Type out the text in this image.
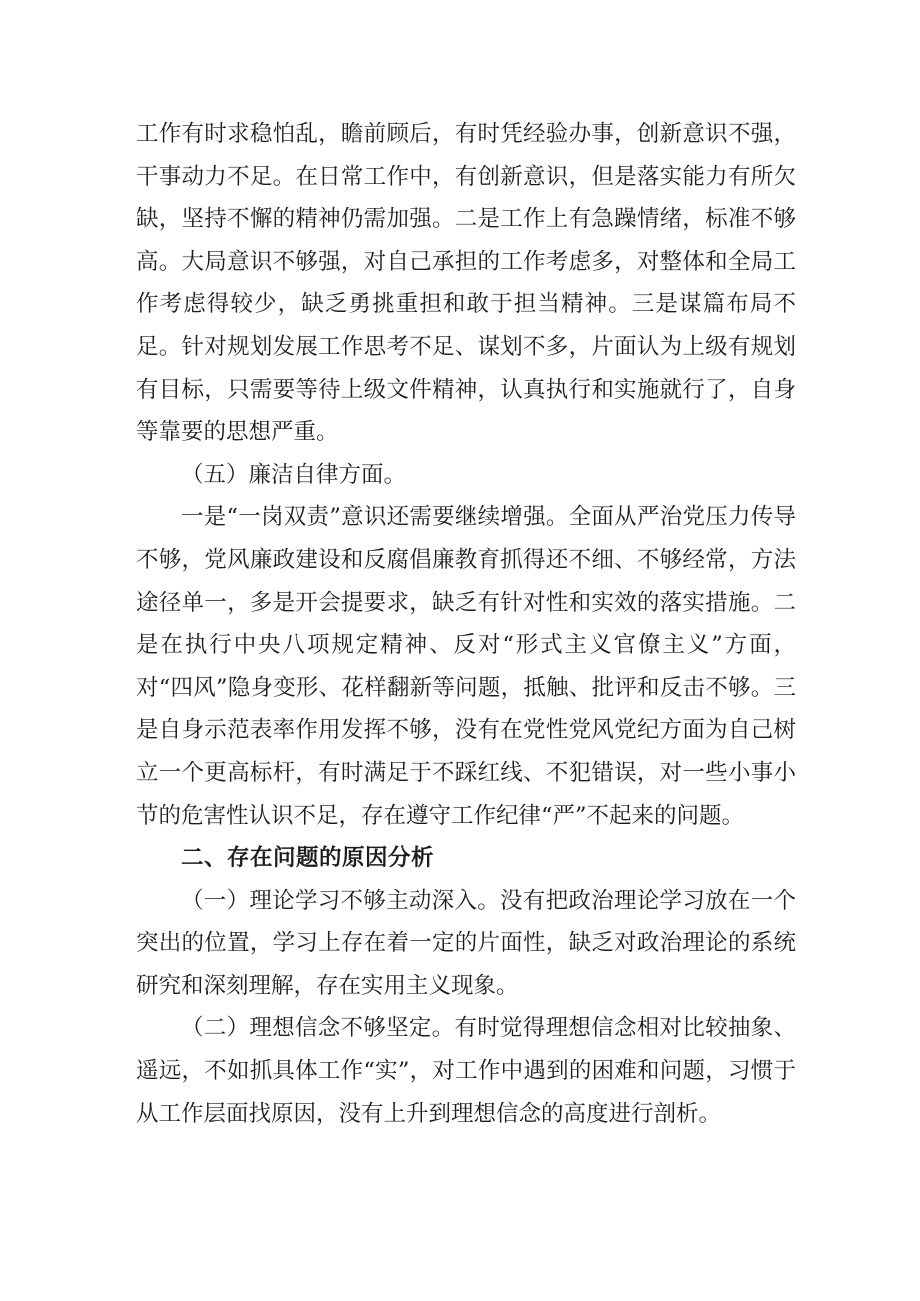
工作有时求稳怕乱，瞻前顾后，有时凭经验办事，创新意识不强，干事动力不足。在日常工作中，有创新意识，但是落实能力有所欠缺，坚持不懈的精神仍需加强。二是工作上有急躁情绪，标准不够高。大局意识不够强，对自己承担的工作考虑多，对整体和全局工作考虑得较少，缺乏勇挑重担和敢于担当精神。三是谋篇布局不足。针对规划发展工作思考不足、谋划不多，片面认为上级有规划有目标，只需要等待上级文件精神，认真执行和实施就行了，自身等靠要的思想严重。

（五）廉洁自律方面。

一是“一岗双责”意识还需要继续增强。全面从严治党压力传导不够，党风廉政建设和反腐倡廉教育抓得还不细、不够经常，方法途径单一，多是开会提要求，缺乏有针对性和实效的落实措施。二是在执行中央八项规定精神、反对“形式主义官僚主义”方面，对“四风”隐身变形、花样翻新等问题，抵触、批评和反击不够。三是自身示范表率作用发挥不够，没有在党性党风党纪方面为自己树立一个更高标杆，有时满足于不踩红线、不犯错误，对一些小事小节的危害性认识不足，存在遵守工作纪律“严”不起来的问题。

二、存在问题的原因分析

（一）理论学习不够主动深入。没有把政治理论学习放在一个突出的位置，学习上存在着一定的片面性，缺乏对政治理论的系统研究和深刻理解，存在实用主义现象。

（二）理想信念不够坚定。有时觉得理想信念相对比较抽象、遥远，不如抓具体工作“实”，对工作中遇到的困难和问题，习惯于从工作层面找原因，没有上升到理想信念的高度进行剖析。
